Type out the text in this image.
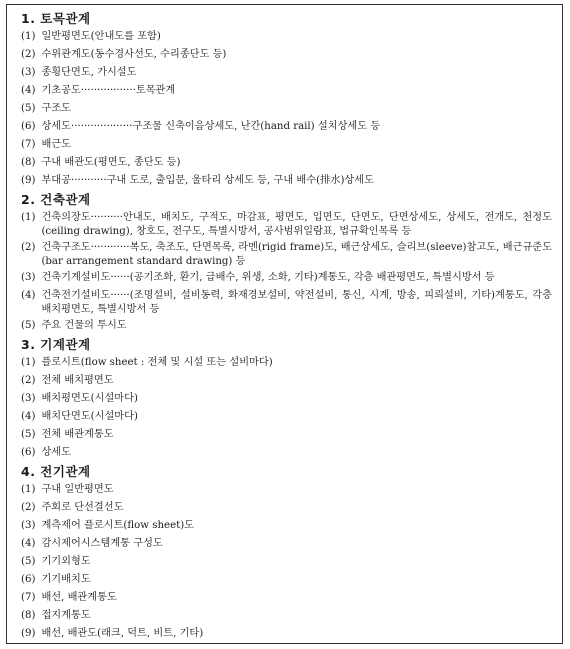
1. 토목관계
(1) 일반평면도(안내도를 포함)
(2) 수위관계도(동수경사선도, 수리종단도 등)
(3) 종횡단면도, 가시설도
(4) 기초공도·················토목관계
(5) 구조도
(6) 상세도···················구조물 신축이음상세도, 난간(hand rail) 설치상세도 등
(7) 배근도
(8) 구내 배관도(평면도, 종단도 등)
(9) 부대공···········구내 도로, 출입문, 울타리 상세도 등, 구내 배수(排水)상세도
2. 건축관계
(1) 건축의장도··········안내도, 배치도, 구적도, 마감표, 평면도, 입면도, 단면도, 단면상세도, 상세도, 전개도, 천정도(ceiling drawing), 창호도, 전구도, 특별시방서, 공사범위일람표, 법규확인목록 등
(2) 건축구조도············복도, 축조도, 단면목록, 라멘(rigid frame)도, 배근상세도, 슬리브(sleeve)참고도, 배근규준도(bar arrangement standard drawing) 등
(3) 건축기계설비도······(공기조화, 환기, 급배수, 위생, 소화, 기타)계통도, 각층 배관평면도, 특별시방서 등
(4) 건축전기설비도······(조명설비, 설비동력, 화재경보설비, 약전설비, 통신, 시계, 방송, 피뢰설비, 기타)계통도, 각층 배치평면도, 특별시방서 등
(5) 주요 건물의 투시도
3. 기계관계
(1) 플로시트(flow sheet : 전체 및 시설 또는 설비마다)
(2) 전체 배치평면도
(3) 배치평면도(시설마다)
(4) 배치단면도(시설마다)
(5) 전체 배관계통도
(6) 상세도
4. 전기관계
(1) 구내 일반평면도
(2) 주회로 단선결선도
(3) 계측제어 플로시트(flow sheet)도
(4) 감시제어시스템계통 구성도
(5) 기기외형도
(6) 기기배치도
(7) 배선, 배관계통도
(8) 접지계통도
(9) 배선, 배관도(래크, 덕트, 비트, 기타)
